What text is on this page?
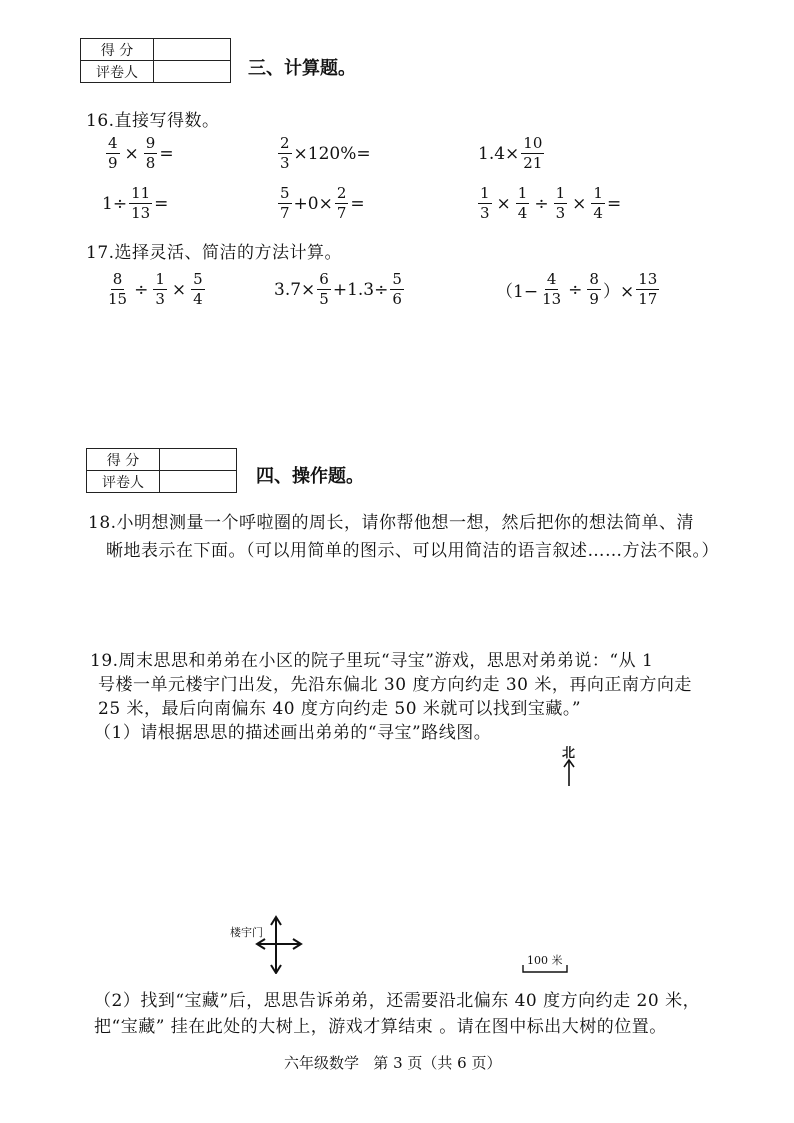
得 分	
评卷人		三、计算题。
16.直接写得数。
$\frac{4}{9} \times \frac{9}{8}$ =	$\frac{2}{3} \times 120\%=$	$1.4\times \frac{10}{21}$
$1\div \frac{11}{13}$ =	$\frac{5}{7} +0\times \frac{2}{7}$ =	$\frac{1}{3} \times \frac{1}{4} \div \frac{1}{3} \times \frac{1}{4}$ =
17.选择灵活、简洁的方法计算。
$\frac{8}{15} \div \frac{1}{3} \times \frac{5}{4}$	$3.7\times \frac{6}{5} +1.3\div \frac{5}{6}$	（$1- \frac{4}{13} \div \frac{8}{9}$ ）× $\frac{13}{17}$
得 分	
评卷人		四、操作题。
18.小明想测量一个呼啦圈的周长，请你帮他想一想，然后把你的想法简单、清
晰地表示在下面。（可以用简单的图示、可以用简洁的语言叙述……方法不限。）
19.周末思思和弟弟在小区的院子里玩“寻宝”游戏，思思对弟弟说：“从 1
号楼一单元楼宇门出发，先沿东偏北 30 度方向约走 30 米，再向正南方向走
25 米，最后向南偏东 40 度方向约走 50 米就可以找到宝藏。”
（1）请根据思思的描述画出弟弟的“寻宝”路线图。
北
楼宇门
100 米
（2）找到“宝藏”后，思思告诉弟弟，还需要沿北偏东 40 度方向约走 20 米，
把“宝藏” 挂在此处的大树上，游戏才算结束 。请在图中标出大树的位置。
六年级数学   第 3 页（共 6 页）
